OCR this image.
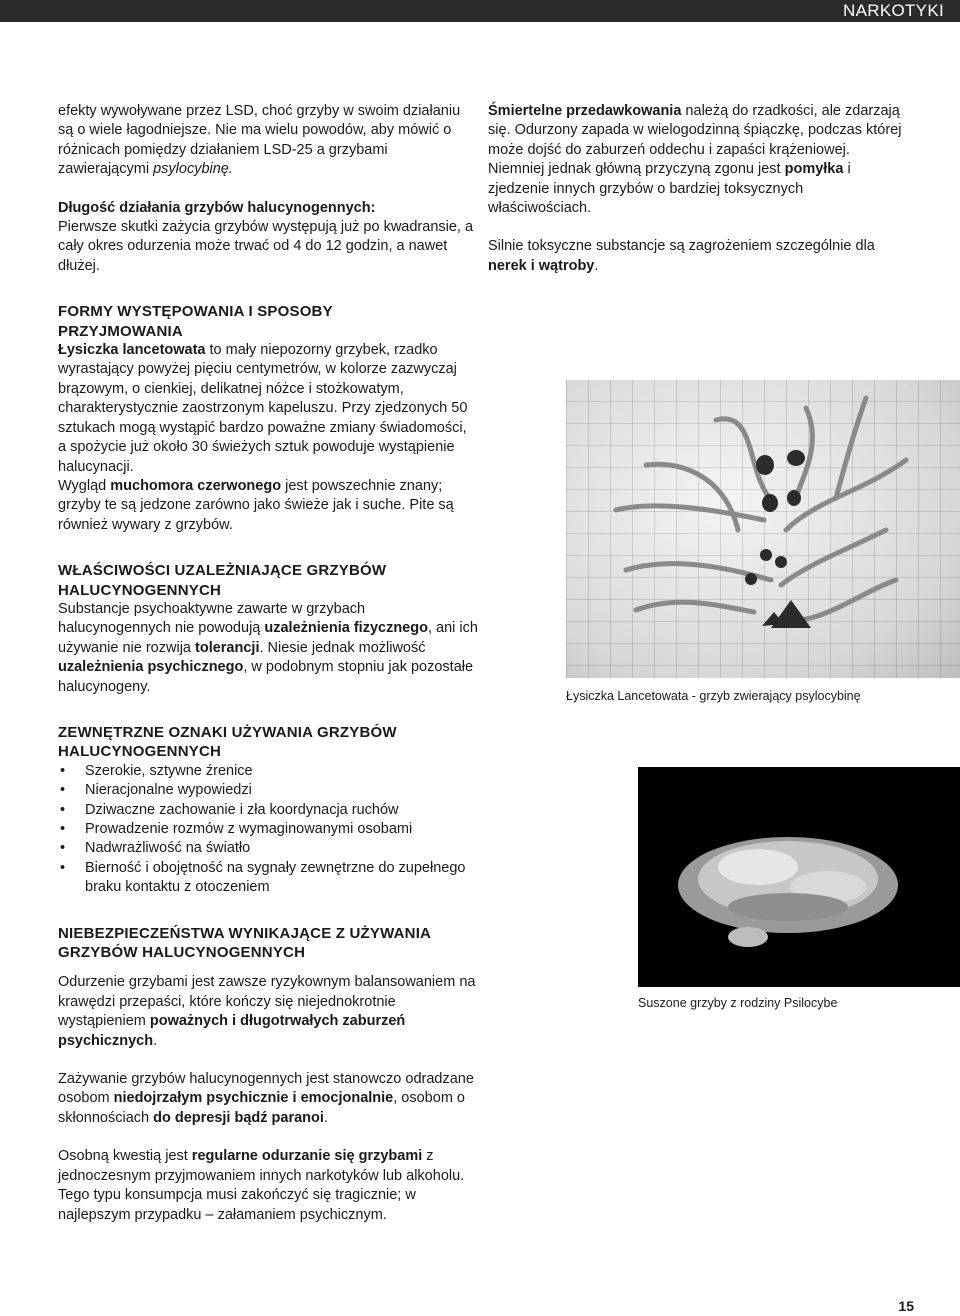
NARKOTYKI

efekty wywoływane przez LSD, choć grzyby w swoim działaniu są o wiele łagodniejsze. Nie ma wielu powodów, aby mówić o różnicach pomiędzy działaniem LSD-25 a grzybami zawierającymi psylocybinę.

Długość działania grzybów halucynogennych:
Pierwsze skutki zażycia grzybów występują już po kwadransie, a cały okres odurzenia może trwać od 4 do 12 godzin, a nawet dłużej.

FORMY WYSTĘPOWANIA I SPOSOBY
PRZYJMOWANIA

Łysiczka lancetowata to mały niepozorny grzybek, rzadko wyrastający powyżej pięciu centymetrów, w kolorze zazwyczaj brązowym, o cienkiej, delikatnej nóżce i stożkowatym, charakterystycznie zaostrzonym kapeluszu. Przy zjedzonych 50 sztukach mogą wystąpić bardzo poważne zmiany świadomości, a spożycie już około 30 świeżych sztuk powoduje wystąpienie halucynacji.

Wygląd muchomora czerwonego jest powszechnie znany; grzyby te są jedzone zarówno jako świeże jak i suche. Pite są również wywary z grzybów.

WŁAŚCIWOŚCI UZALEŻNIAJĄCE GRZYBÓW
HALUCYNOGENNYCH

Substancje psychoaktywne zawarte w grzybach halucynogennych nie powodują uzależnienia fizycznego, ani ich używanie nie rozwija tolerancji. Niesie jednak możliwość uzależnienia psychicznego, w podobnym stopniu jak pozostałe halucynogeny.

ZEWNĘTRZNE OZNAKI UŻYWANIA GRZYBÓW
HALUCYNOGENNYCH
• Szerokie, sztywne źrenice
• Nieracjonalne wypowiedzi
• Dziwaczne zachowanie i zła koordynacja ruchów
• Prowadzenie rozmów z wymaginowanymi osobami
• Nadwrażliwość na światło
• Bierność i obojętność na sygnały zewnętrzne do zupełnego braku kontaktu z otoczeniem
NIEBEZPIECZEŃSTWA WYNIKAJĄCE Z UŻYWANIA
GRZYBÓW HALUCYNOGENNYCH

Odurzenie grzybami jest zawsze ryzykownym balansowaniem na krawędzi przepaści, które kończy się niejednokrotnie wystąpieniem poważnych i długotrwałych zaburzeń psychicznych.

Zażywanie grzybów halucynogennych jest stanowczo odradzane osobom niedojrzałym psychicznie i emocjonalnie, osobom o skłonnościach do depresji bądź paranoi.

Osobną kwestią jest regularne odurzanie się grzybami z jednoczesnym przyjmowaniem innych narkotyków lub alkoholu. Tego typu konsumpcja musi zakończyć się tragicznie; w najlepszym przypadku – załamaniem psychicznym.

Śmiertelne przedawkowania należą do rzadkości, ale zdarzają się. Odurzony zapada w wielogodzinną śpiączkę, podczas której może dojść do zaburzeń oddechu i zapaści krążeniowej. Niemniej jednak główną przyczyną zgonu jest pomyłka i zjedzenie innych grzybów o bardziej toksycznych właściwościach.

Silnie toksyczne substancje są zagrożeniem szczególnie dla nerek i wątroby.

Łysiczka Lancetowata - grzyb zwierający psylocybinę
Suszone grzyby z rodziny Psilocybe
15
